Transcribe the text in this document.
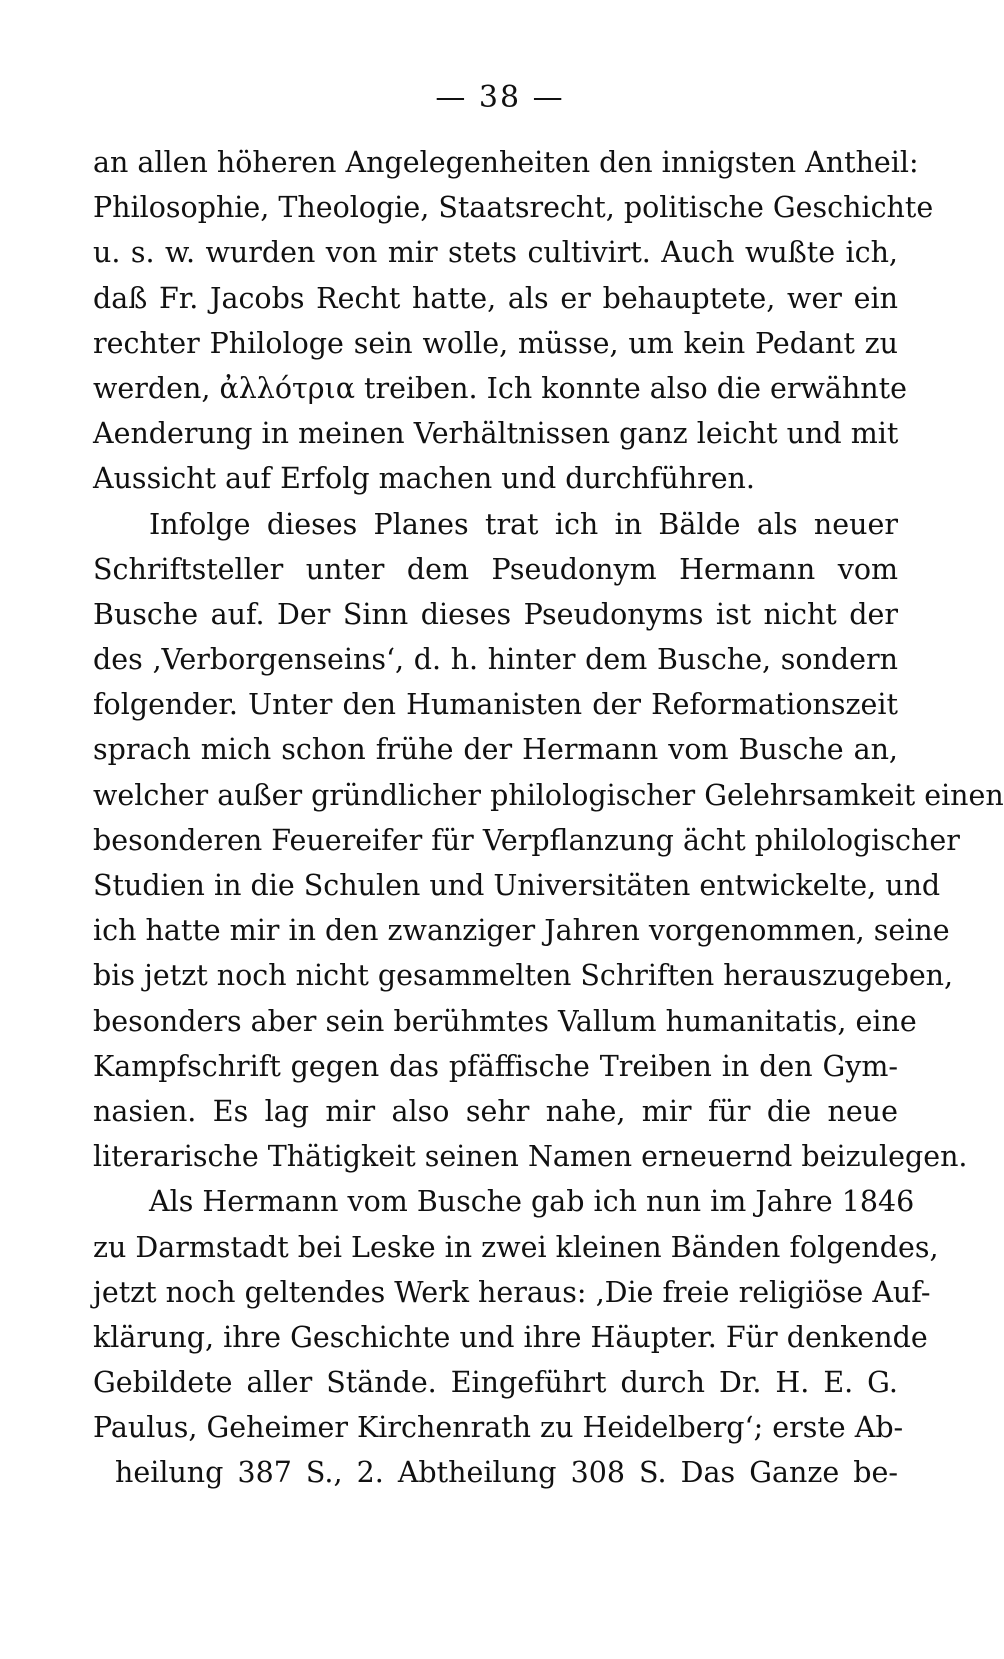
— 38 —
an allen höheren Angelegenheiten den innigsten Antheil:
Philosophie, Theologie, Staatsrecht, politische Geschichte
u. s. w. wurden von mir stets cultivirt. Auch wußte ich,
daß Fr. Jacobs Recht hatte, als er behauptete, wer ein
rechter Philologe sein wolle, müsse, um kein Pedant zu
werden, ἀλλότρια treiben. Ich konnte also die erwähnte
Aenderung in meinen Verhältnissen ganz leicht und mit
Aussicht auf Erfolg machen und durchführen.
Infolge dieses Planes trat ich in Bälde als neuer
Schriftsteller unter dem Pseudonym Hermann vom
Busche auf. Der Sinn dieses Pseudonyms ist nicht der
des ‚Verborgenseins‘, d. h. hinter dem Busche, sondern
folgender. Unter den Humanisten der Reformationszeit
sprach mich schon frühe der Hermann vom Busche an,
welcher außer gründlicher philologischer Gelehrsamkeit einen
besonderen Feuereifer für Verpflanzung ächt philologischer
Studien in die Schulen und Universitäten entwickelte, und
ich hatte mir in den zwanziger Jahren vorgenommen, seine
bis jetzt noch nicht gesammelten Schriften herauszugeben,
besonders aber sein berühmtes Vallum humanitatis, eine
Kampfschrift gegen das pfäffische Treiben in den Gym-
nasien. Es lag mir also sehr nahe, mir für die neue
literarische Thätigkeit seinen Namen erneuernd beizulegen.
Als Hermann vom Busche gab ich nun im Jahre 1846
zu Darmstadt bei Leske in zwei kleinen Bänden folgendes,
jetzt noch geltendes Werk heraus: ‚Die freie religiöse Auf-
klärung, ihre Geschichte und ihre Häupter. Für denkende
Gebildete aller Stände. Eingeführt durch Dr. H. E. G.
Paulus, Geheimer Kirchenrath zu Heidelberg‘; erste Ab-
heilung 387 S., 2. Abtheilung 308 S. Das Ganze be-
